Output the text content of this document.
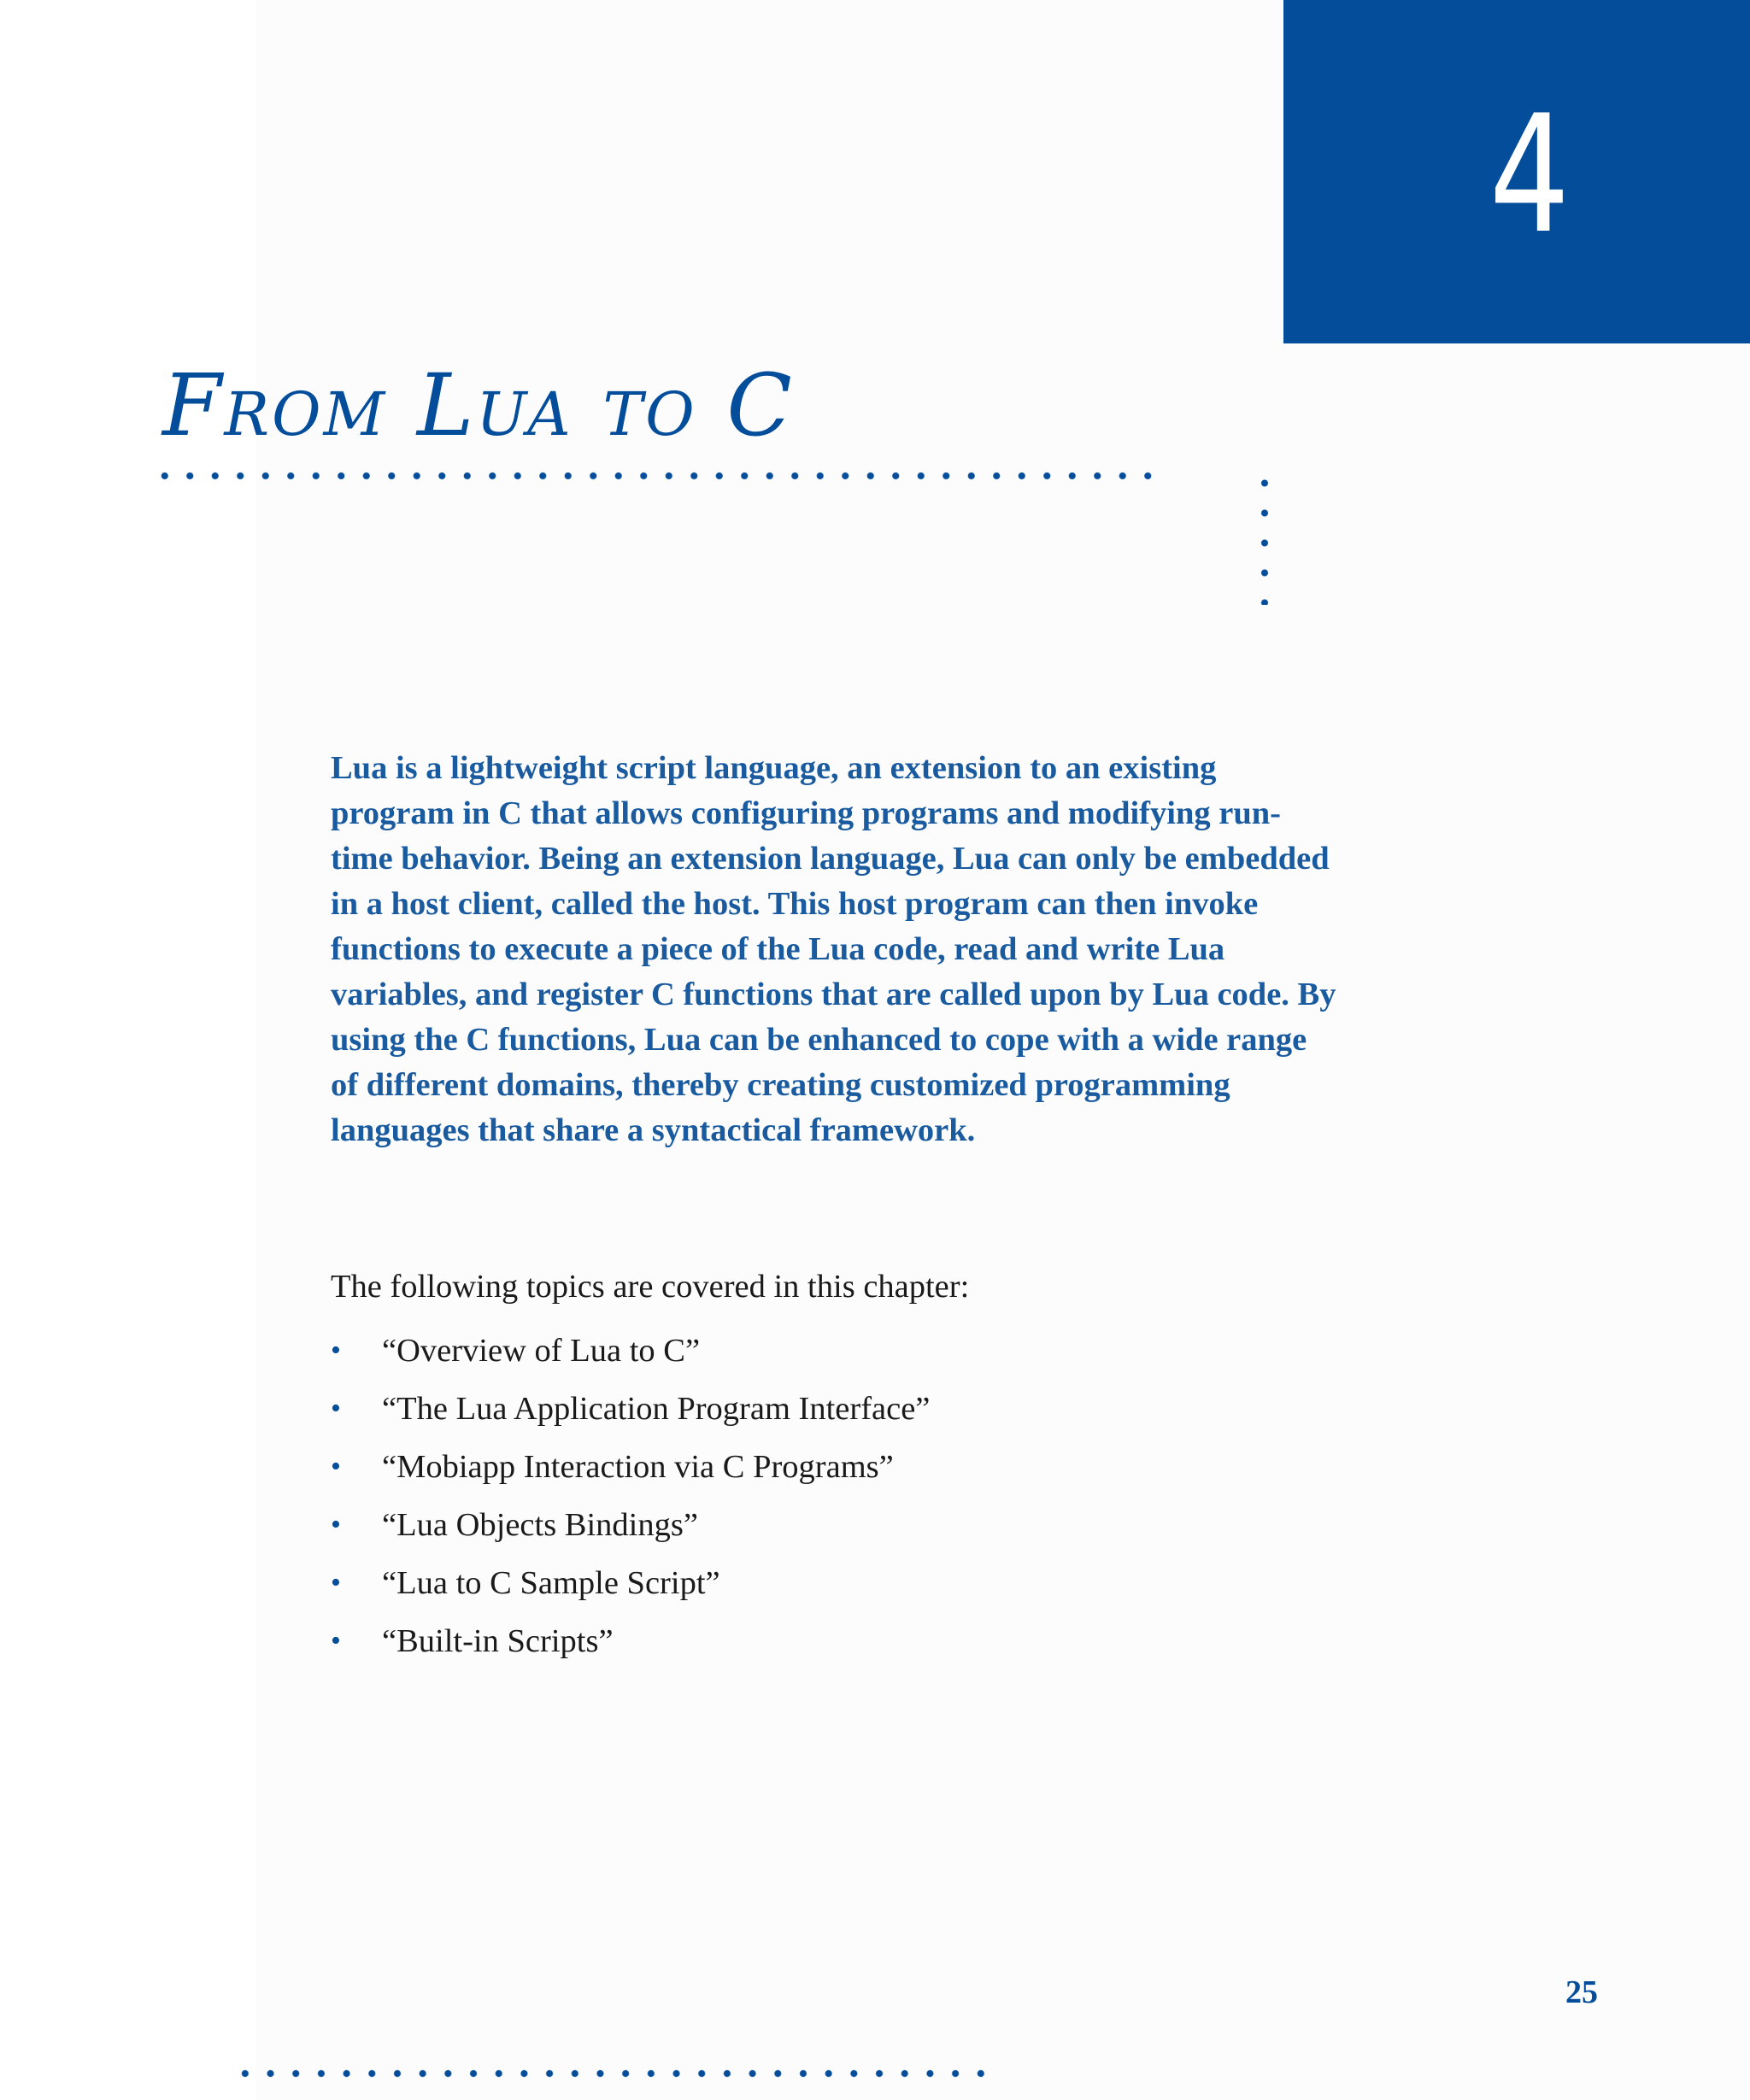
4
From Lua to C

Lua is a lightweight script language, an extension to an existing program in C that allows configuring programs and modifying run-time behavior. Being an extension language, Lua can only be embedded in a host client, called the host. This host program can then invoke functions to execute a piece of the Lua code, read and write Lua variables, and register C functions that are called upon by Lua code. By using the C functions, Lua can be enhanced to cope with a wide range of different domains, thereby creating customized programming languages that share a syntactical framework.

The following topics are covered in this chapter:

• “Overview of Lua to C”
• “The Lua Application Program Interface”
• “Mobiapp Interaction via C Programs”
• “Lua Objects Bindings”
• “Lua to C Sample Script”
• “Built-in Scripts”
25
